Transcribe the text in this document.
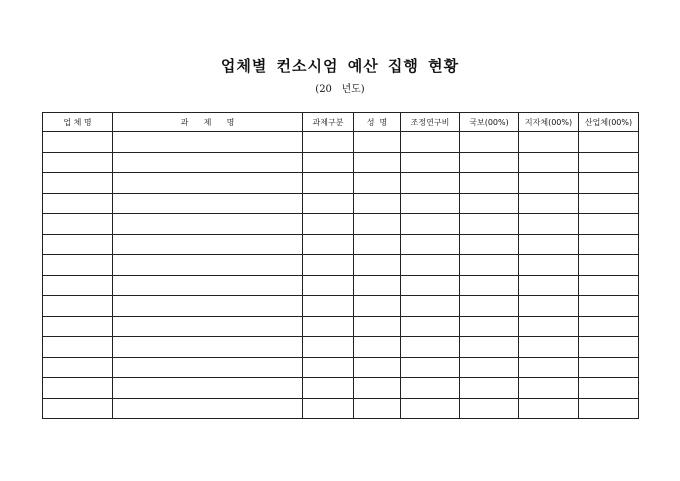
업체별 컨소시엄 예산 집행 현황
(20   년도)
업 체 명	과      제      명	과제구분	성  명	조정연구비	국보(00%)	지자체(00%)	산업체(00%)
